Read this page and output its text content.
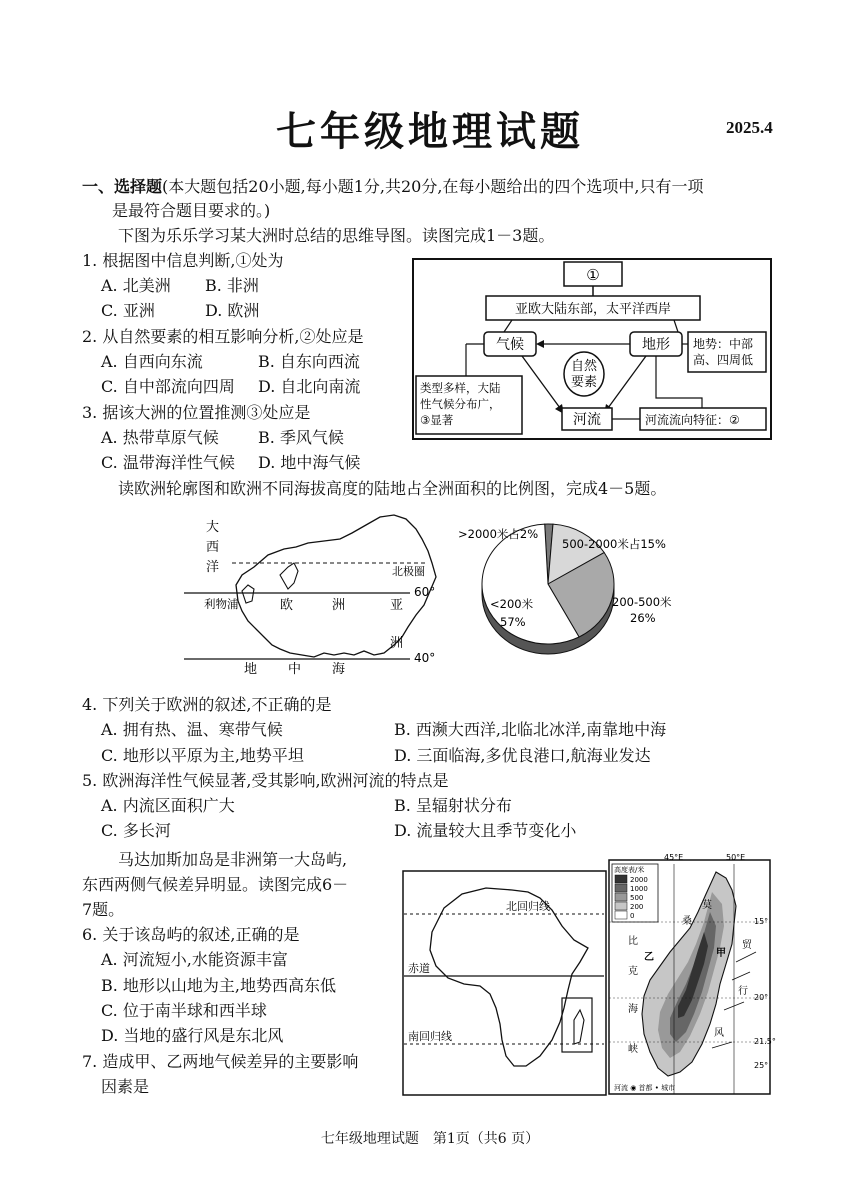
七年级地理试题	2025.4
一、选择题(本大题包括20小题,每小题1分,共20分,在每小题给出的四个选项中,只有一项
是最符合题目要求的。)
下图为乐乐学习某大洲时总结的思维导图。读图完成1－3题。
1. 根据图中信息判断,①处为
A. 北美洲 B. 非洲
C. 亚洲	D. 欧洲
2. 从自然要素的相互影响分析,②处应是
A. 自西向东流	B. 自东向西流
C. 自中部流向四周 D. 自北向南流
3. 据该大洲的位置推测③处应是
A. 热带草原气候 B. 季风气候
C. 温带海洋性气候 D. 地中海气候
①
亚欧大陆东部，太平洋西岸
气候	地形 地势：中部
高、四周低
自然
要素
河流	河流流向特征：②
类型多样，大陆
性气候分布广，
③显著
读欧洲轮廓图和欧洲不同海拔高度的陆地占全洲面积的比例图，完成4－5题。
大
西
洋	北极圈
60°
40°
利物浦	欧	洲	亚
洲
地 中 海
>2000米占2%
500-2000米占15%
200-500米
26%
<200米
57%
4. 下列关于欧洲的叙述,不正确的是
A. 拥有热、温、寒带气候	B. 西濒大西洋,北临北冰洋,南靠地中海
C. 地形以平原为主,地势平坦	D. 三面临海,多优良港口,航海业发达
5. 欧洲海洋性气候显著,受其影响,欧洲河流的特点是
A. 内流区面积广大	B. 呈辐射状分布
C. 多长河	D. 流量较大且季节变化小
马达加斯加岛是非洲第一大岛屿,
东西两侧气候差异明显。读图完成6－
7题。
6. 关于该岛屿的叙述,正确的是
A. 河流短小,水能资源丰富
B. 地形以山地为主,地势西高东低
C. 位于南半球和西半球
D. 当地的盛行风是东北风
7. 造成甲、乙两地气候差异的主要影响
因素是
北回归线
赤道
南回归线
45°E	50°E
高度表/米
2000
1000
500
200
0
15°
20°
21.5°
25°
莫
桑
比
克
海
峡
甲
乙
贸
行
风
河流 ◉ 首都 • 城市
七年级地理试题　第1页（共6 页）
